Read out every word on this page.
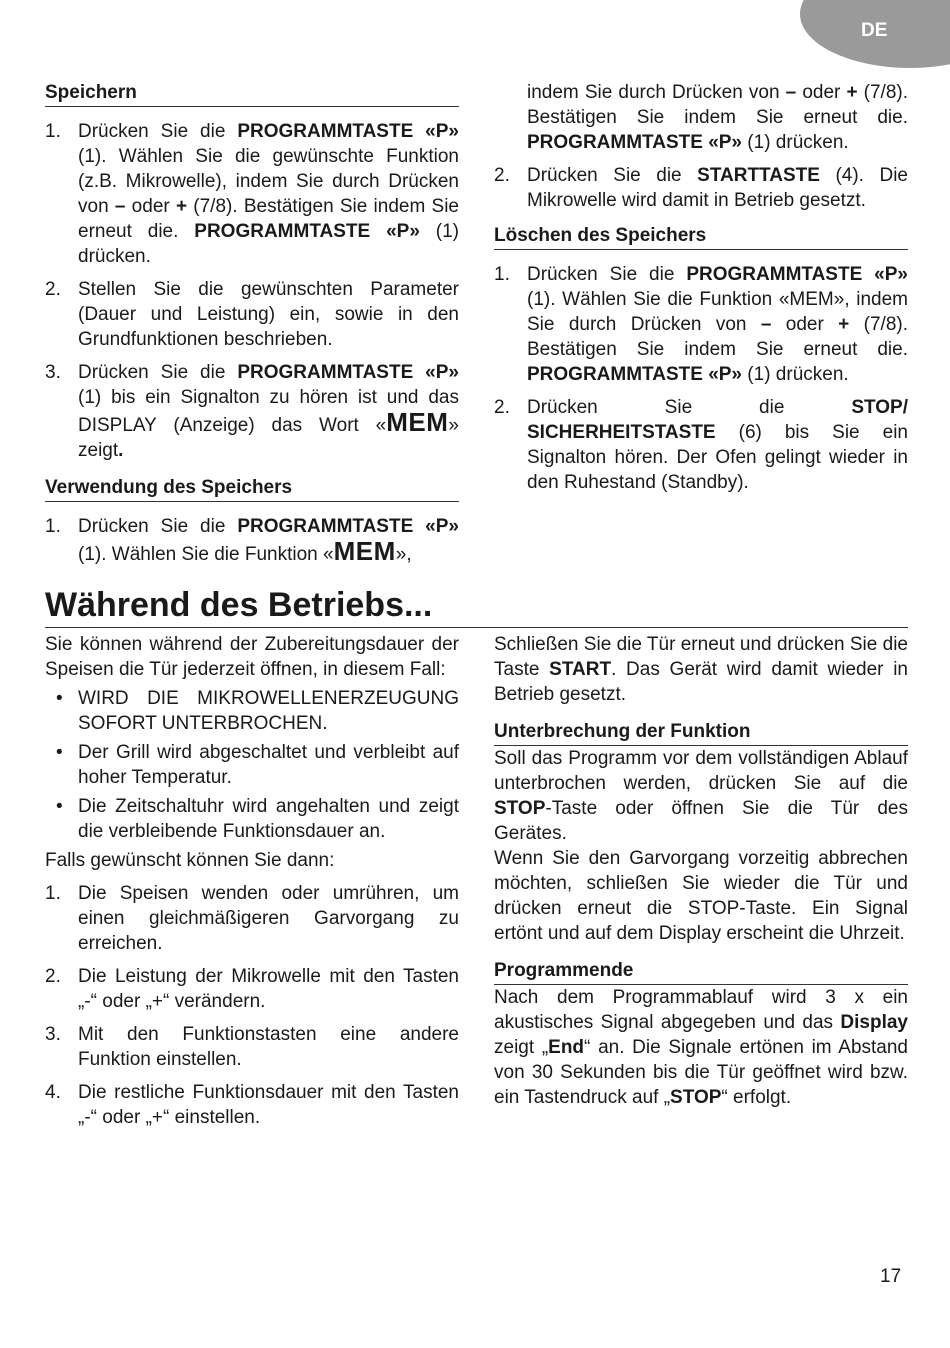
DE
Speichern
1. Drücken Sie die PROGRAMMTASTE «P» (1). Wählen Sie die gewünschte Funktion (z.B. Mikrowelle), indem Sie durch Drücken von – oder + (7/8). Bestätigen Sie indem Sie erneut die. PROGRAMMTASTE «P» (1) drücken.
2. Stellen Sie die gewünschten Parameter (Dauer und Leistung) ein, sowie in den Grundfunktionen beschrieben.
3. Drücken Sie die PROGRAMMTASTE «P» (1) bis ein Signalton zu hören ist und das DISPLAY (Anzeige) das Wort «MEM» zeigt.
Verwendung des Speichers
1. Drücken Sie die PROGRAMMTASTE «P» (1). Wählen Sie die Funktion «MEM»,
indem Sie durch Drücken von – oder + (7/8). Bestätigen Sie indem Sie erneut die. PROGRAMMTASTE «P» (1) drücken.
2. Drücken Sie die STARTTASTE (4). Die Mikrowelle wird damit in Betrieb gesetzt.
Löschen des Speichers
1. Drücken Sie die PROGRAMMTASTE «P» (1). Wählen Sie die Funktion «MEM», indem Sie durch Drücken von – oder + (7/8). Bestätigen Sie indem Sie erneut die. PROGRAMMTASTE «P» (1) drücken.
2. Drücken Sie die STOP/ SICHERHEITSTASTE (6) bis Sie ein Signalton hören. Der Ofen gelingt wieder in den Ruhestand (Standby).
Während des Betriebs...

Sie können während der Zubereitungsdauer der Speisen die Tür jederzeit öffnen, in diesem Fall:

• WIRD DIE MIKROWELLENERZEUGUNG SOFORT UNTERBROCHEN.
• Der Grill wird abgeschaltet und verbleibt auf hoher Temperatur.
• Die Zeitschaltuhr wird angehalten und zeigt die verbleibende Funktionsdauer an.

Falls gewünscht können Sie dann:

1. Die Speisen wenden oder umrühren, um einen gleichmäßigeren Garvorgang zu erreichen.
2. Die Leistung der Mikrowelle mit den Tasten „-“ oder „+“ verändern.
3. Mit den Funktionstasten eine andere Funktion einstellen.
4. Die restliche Funktionsdauer mit den Tasten „-“ oder „+“ einstellen.

Schließen Sie die Tür erneut und drücken Sie die Taste START. Das Gerät wird damit wieder in Betrieb gesetzt.

Unterbrechung der Funktion

Soll das Programm vor dem vollständigen Ablauf unterbrochen werden, drücken Sie auf die STOP-Taste oder öffnen Sie die Tür des Gerätes.

Wenn Sie den Garvorgang vorzeitig abbrechen möchten, schließen Sie wieder die Tür und drücken erneut die STOP-Taste. Ein Signal ertönt und auf dem Display erscheint die Uhrzeit.

Programmende

Nach dem Programmablauf wird 3 x ein akustisches Signal abgegeben und das Display zeigt „End“ an. Die Signale ertönen im Abstand von 30 Sekunden bis die Tür geöffnet wird bzw. ein Tastendruck auf „STOP“ erfolgt.

17
